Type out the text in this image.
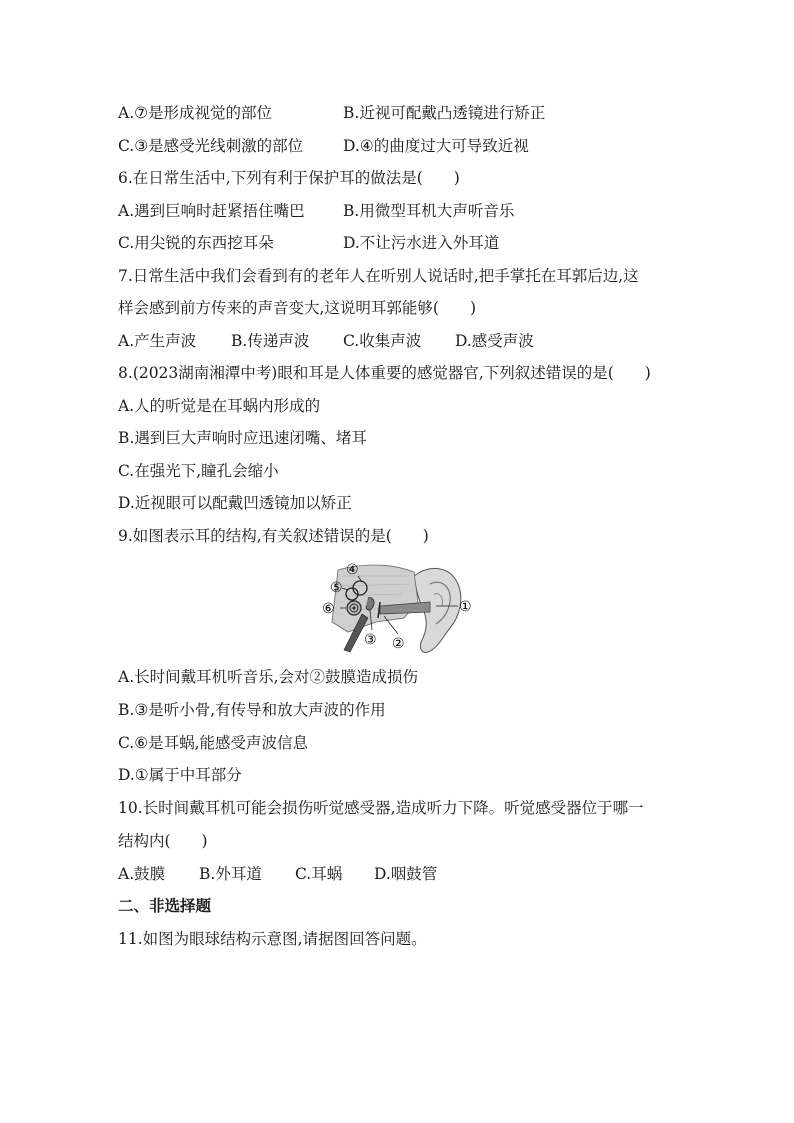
A.⑦是形成视觉的部位	B.近视可配戴凸透镜进行矫正
C.③是感受光线刺激的部位	D.④的曲度过大可导致近视
6.在日常生活中,下列有利于保护耳的做法是(　　)
A.遇到巨响时赶紧捂住嘴巴 B.用微型耳机大声听音乐
C.用尖锐的东西挖耳朵	D.不让污水进入外耳道
7.日常生活中我们会看到有的老年人在听别人说话时,把手掌托在耳郭后边,这
样会感到前方传来的声音变大,这说明耳郭能够(　　)
A.产生声波 B.传递声波 C.收集声波 D.感受声波
8.(2023湖南湘潭中考)眼和耳是人体重要的感觉器官,下列叙述错误的是(　　)
A.人的听觉是在耳蜗内形成的
B.遇到巨大声响时应迅速闭嘴、堵耳
C.在强光下,瞳孔会缩小
D.近视眼可以配戴凹透镜加以矫正
9.如图表示耳的结构,有关叙述错误的是(　　)
①
②
③
④
⑤
⑥
A.长时间戴耳机听音乐,会对②鼓膜造成损伤
B.③是听小骨,有传导和放大声波的作用
C.⑥是耳蜗,能感受声波信息
D.①属于中耳部分
10.长时间戴耳机可能会损伤听觉感受器,造成听力下降。听觉感受器位于哪一
结构内(　　)
A.鼓膜 B.外耳道 C.耳蜗 D.咽鼓管
二、非选择题
11.如图为眼球结构示意图,请据图回答问题。
